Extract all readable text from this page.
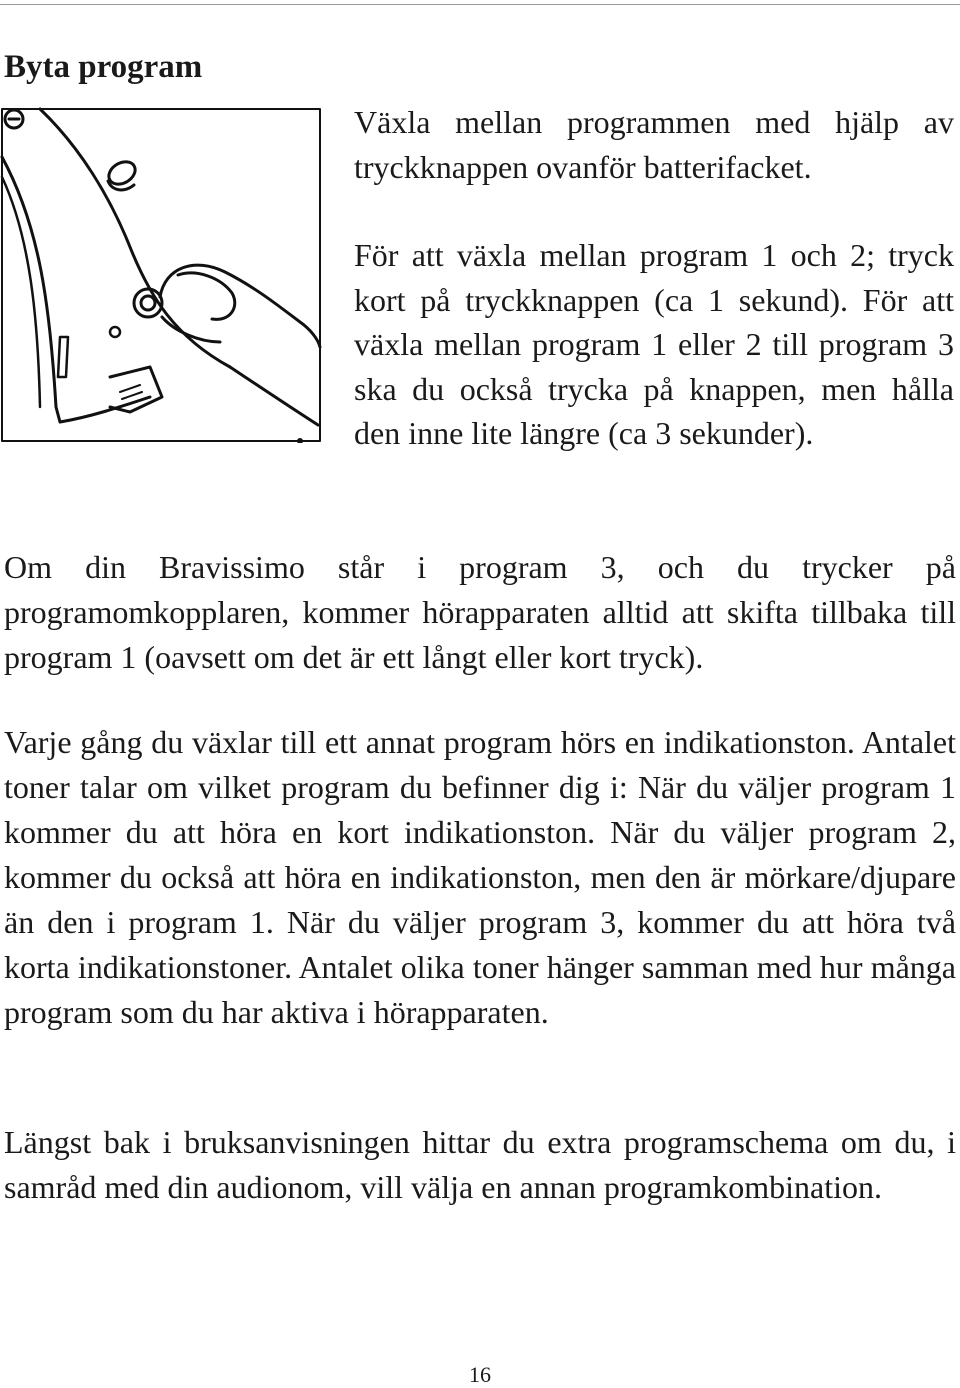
Byta program

Växla mellan programmen med hjälp av tryckknappen ovanför batterifacket.

För att växla mellan program 1 och 2; tryck kort på tryckknappen (ca 1 sekund). För att växla mellan program 1 eller 2 till program 3 ska du också trycka på knappen, men hålla den inne lite längre (ca 3 sekunder).

Om din Bravissimo står i program 3, och du trycker på programomkopplaren, kommer hörapparaten alltid att skifta tillbaka till program 1 (oavsett om det är ett långt eller kort tryck).

Varje gång du växlar till ett annat program hörs en indikationston. Antalet toner talar om vilket program du befinner dig i: När du väljer program 1 kommer du att höra en kort indikationston. När du väljer program 2, kommer du också att höra en indikationston, men den är mörkare/djupare än den i program 1. När du väljer program 3, kommer du att höra två korta indikationstoner. Antalet olika toner hänger samman med hur många program som du har aktiva i hörapparaten.

Längst bak i bruksanvisningen hittar du extra programschema om du, i samråd med din audionom, vill välja en annan programkombination.

16
